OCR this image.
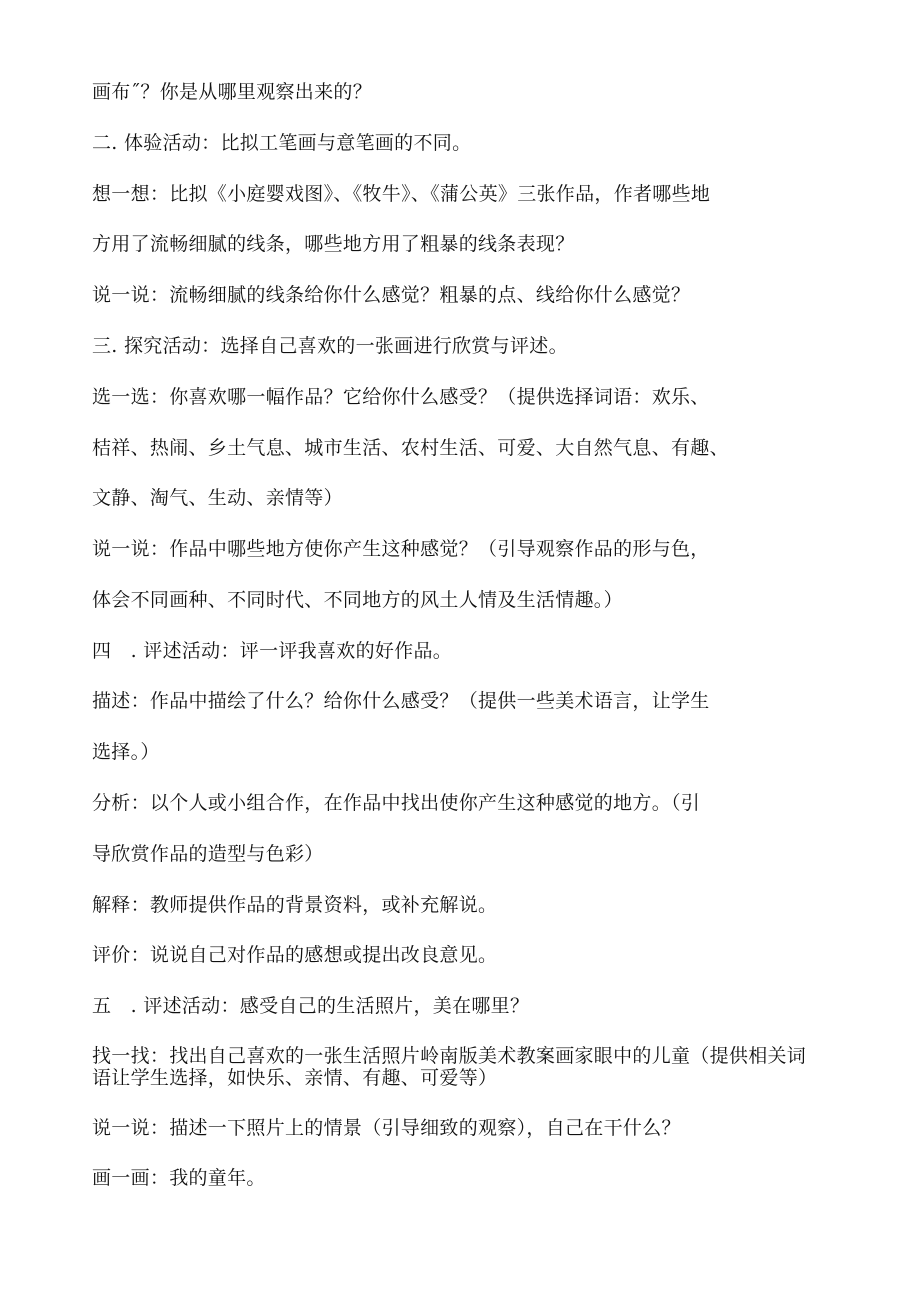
画布˝？你是从哪里观察出来的？
二. 体验活动：比拟工笔画与意笔画的不同。
想一想：比拟《小庭婴戏图》、《牧牛》、《蒲公英》三张作品，作者哪些地
方用了流畅细腻的线条，哪些地方用了粗暴的线条表现？
说一说：流畅细腻的线条给你什么感觉？粗暴的点、线给你什么感觉？
三. 探究活动：选择自己喜欢的一张画进行欣赏与评述。
选一选：你喜欢哪一幅作品？它给你什么感受？（提供选择词语：欢乐、
桔祥、热闹、乡土气息、城市生活、农村生活、可爱、大自然气息、有趣、
文静、淘气、生动、亲情等）
说一说：作品中哪些地方使你产生这种感觉？（引导观察作品的形与色，
体会不同画种、不同时代、不同地方的风土人情及生活情趣。）
四　. 评述活动：评一评我喜欢的好作品。
描述：作品中描绘了什么？给你什么感受？（提供一些美术语言，让学生
选择。）
分析：以个人或小组合作，在作品中找出使你产生这种感觉的地方。（引
导欣赏作品的造型与色彩）
解释：教师提供作品的背景资料，或补充解说。
评价：说说自己对作品的感想或提出改良意见。
五　. 评述活动：感受自己的生活照片，美在哪里？
找一找：找出自己喜欢的一张生活照片岭南版美术教案画家眼中的儿童（提供相关词语让学生选择，如快乐、亲情、有趣、可爱等）
说一说：描述一下照片上的情景（引导细致的观察），自己在干什么？
画一画：我的童年。
